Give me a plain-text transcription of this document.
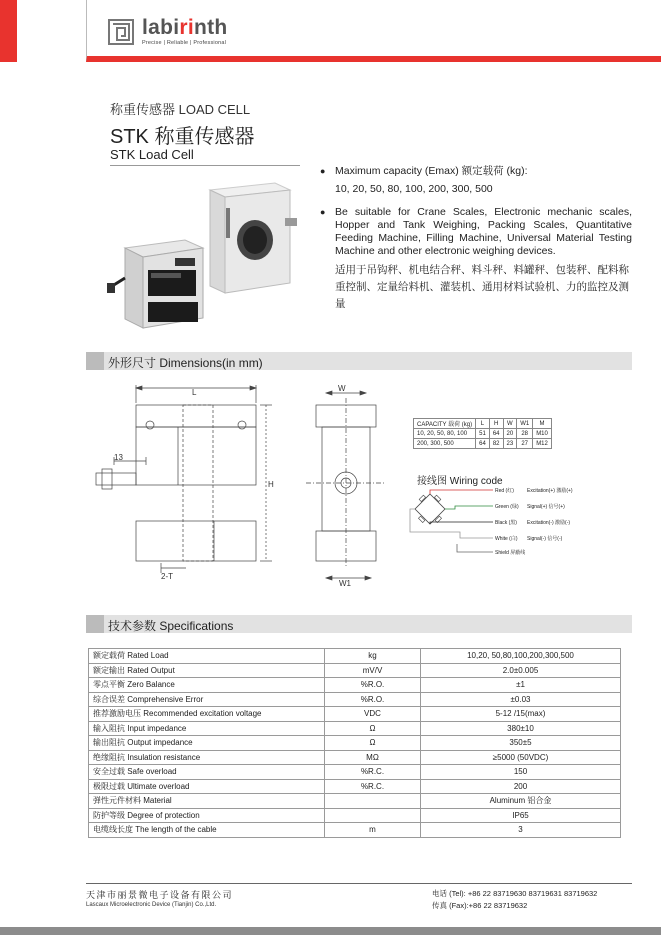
labirinth
Precise | Reliable | Professional
称重传感器 LOAD CELL
STK 称重传感器
STK Load Cell
● Maximum capacity (Emax) 额定载荷 (kg):
10, 20, 50, 80, 100, 200, 300, 500
● Be suitable for Crane Scales, Electronic mechanic scales, Hopper and Tank Weighing, Packing Scales, Quantitative Feeding Machine, Filling Machine, Universal Material Testing Machine and other electronic weighing devices.
适用于吊钩秤、机电结合秤、料斗秤、料罐秤、包装秤、配料称重控制、定量给料机、灌装机、通用材料试验机、力的监控及测量
外形尺寸 Dimensions(in mm)
L
H
W
W1
13
2-T
CAPACITY 载荷 (kg)	L	H	W	W1	M
10, 20, 50, 80, 100	51	64	20	28	M10
200, 300, 500	64	82	23	27	M12
接线图 Wiring code
Red (红)	Excitation(+) 激励(+)
Green (绿) Signal(+) 信号(+)
Black (黑) Excitation(-) 激励(-)
White (白) Signal(-) 信号(-)
Shield 屏蔽线
技术参数 Specifications
额定载荷 Rated Load	kg	10,20, 50,80,100,200,300,500
额定输出 Rated Output	mV/V	2.0±0.005
零点平衡 Zero Balance	%R.O.	±1
综合误差 Comprehensive Error	%R.O.	±0.03
推荐激励电压 Recommended excitation voltage	VDC	5-12 /15(max)
输入阻抗 Input impedance	Ω	380±10
输出阻抗 Output impedance	Ω	350±5
绝缘阻抗 Insulation resistance	MΩ	≥5000 (50VDC)
安全过载 Safe overload	%R.C.	150
极限过载 Ultimate overload	%R.C.	200
弹性元件材料 Material		Aluminum 铝合金
防护等级 Degree of protection		IP65
电缆线长度 The length of the cable	m	3
天津市丽景微电子设备有限公司
Lascaux Microelectronic Device (Tianjin) Co.,Ltd.
电话 (Tel): +86 22 83719630 83719631 83719632
传真 (Fax):+86 22 83719632
